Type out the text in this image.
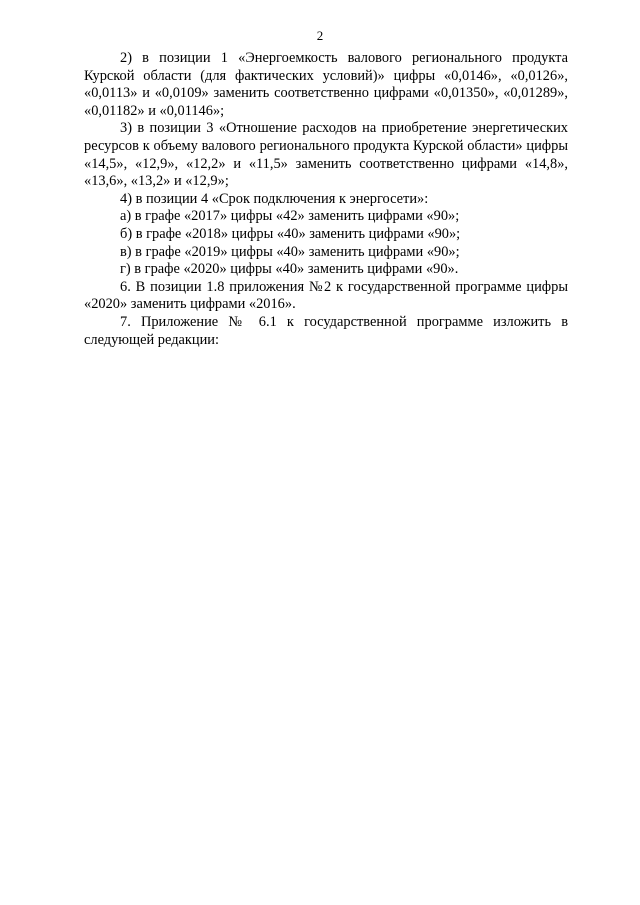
2

2) в позиции 1 «Энергоемкость валового регионального продукта Курской области (для фактических условий)» цифры «0,0146», «0,0126», «0,0113» и «0,0109» заменить соответственно цифрами «0,01350», «0,01289», «0,01182» и «0,01146»;

3) в позиции 3 «Отношение расходов на приобретение энергетических ресурсов к объему валового регионального продукта Курской области» цифры «14,5», «12,9», «12,2» и «11,5» заменить соответственно цифрами «14,8», «13,6», «13,2» и «12,9»;

4) в позиции 4 «Срок подключения к энергосети»:

а) в графе «2017» цифры «42» заменить цифрами «90»;

б) в графе «2018» цифры «40» заменить цифрами «90»;

в) в графе «2019» цифры «40» заменить цифрами «90»;

г) в графе «2020» цифры «40» заменить цифрами «90».

6. В позиции 1.8 приложения №2 к государственной программе цифры «2020» заменить цифрами «2016».

7. Приложение № 6.1 к государственной программе изложить в следующей редакции:
